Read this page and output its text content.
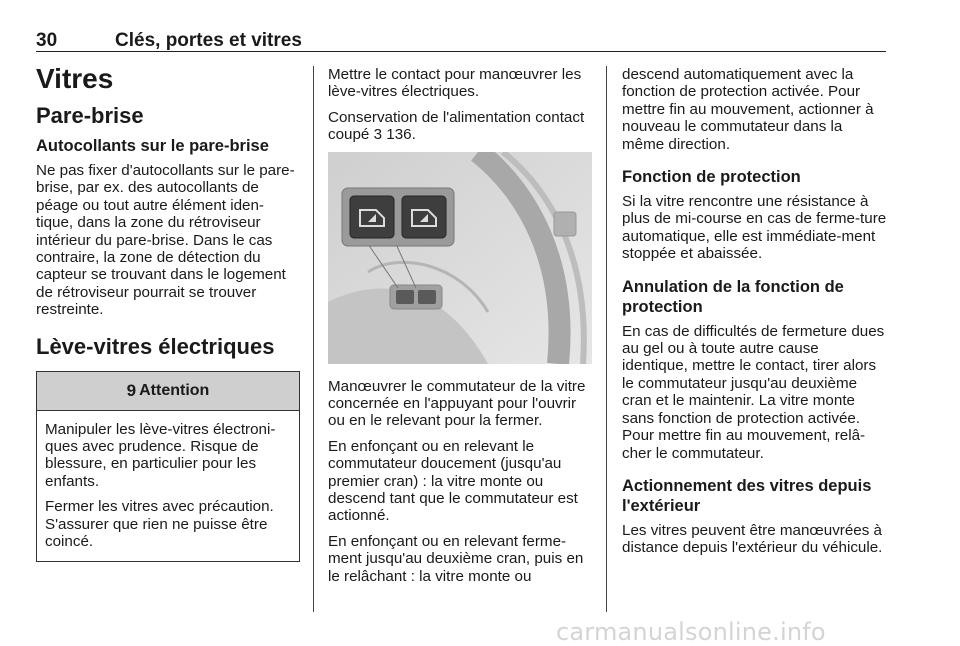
30	Clés, portes et vitres
Vitres
Pare-brise
Autocollants sur le pare-brise

Ne pas fixer d'autocollants sur le pare-brise, par ex. des autocollants de péage ou tout autre élément iden-tique, dans la zone du rétroviseur intérieur du pare-brise. Dans le cas contraire, la zone de détection du capteur se trouvant dans le logement de rétroviseur pourrait se trouver restreinte.

Lève-vitres électriques
9 Attention

Manipuler les lève-vitres électroni-ques avec prudence. Risque de blessure, en particulier pour les enfants.

Fermer les vitres avec précaution. S'assurer que rien ne puisse être coincé.

Mettre le contact pour manœuvrer les lève-vitres électriques.

Conservation de l'alimentation contact coupé 3 136.

Manœuvrer le commutateur de la vitre concernée en l'appuyant pour l'ouvrir ou en le relevant pour la fermer.

En enfonçant ou en relevant le commutateur doucement (jusqu'au premier cran) : la vitre monte ou descend tant que le commutateur est actionné.

En enfonçant ou en relevant ferme-ment jusqu'au deuxième cran, puis en le relâchant : la vitre monte ou

descend automatiquement avec la fonction de protection activée. Pour mettre fin au mouvement, actionner à nouveau le commutateur dans la même direction.

Fonction de protection

Si la vitre rencontre une résistance à plus de mi-course en cas de ferme-ture automatique, elle est immédiate-ment stoppée et abaissée.

Annulation de la fonction de protection

En cas de difficultés de fermeture dues au gel ou à toute autre cause identique, mettre le contact, tirer alors le commutateur jusqu'au deuxième cran et le maintenir. La vitre monte sans fonction de protection activée. Pour mettre fin au mouvement, relâ-cher le commutateur.

Actionnement des vitres depuis l'extérieur

Les vitres peuvent être manœuvrées à distance depuis l'extérieur du véhicule.

carmanualsonline.info
